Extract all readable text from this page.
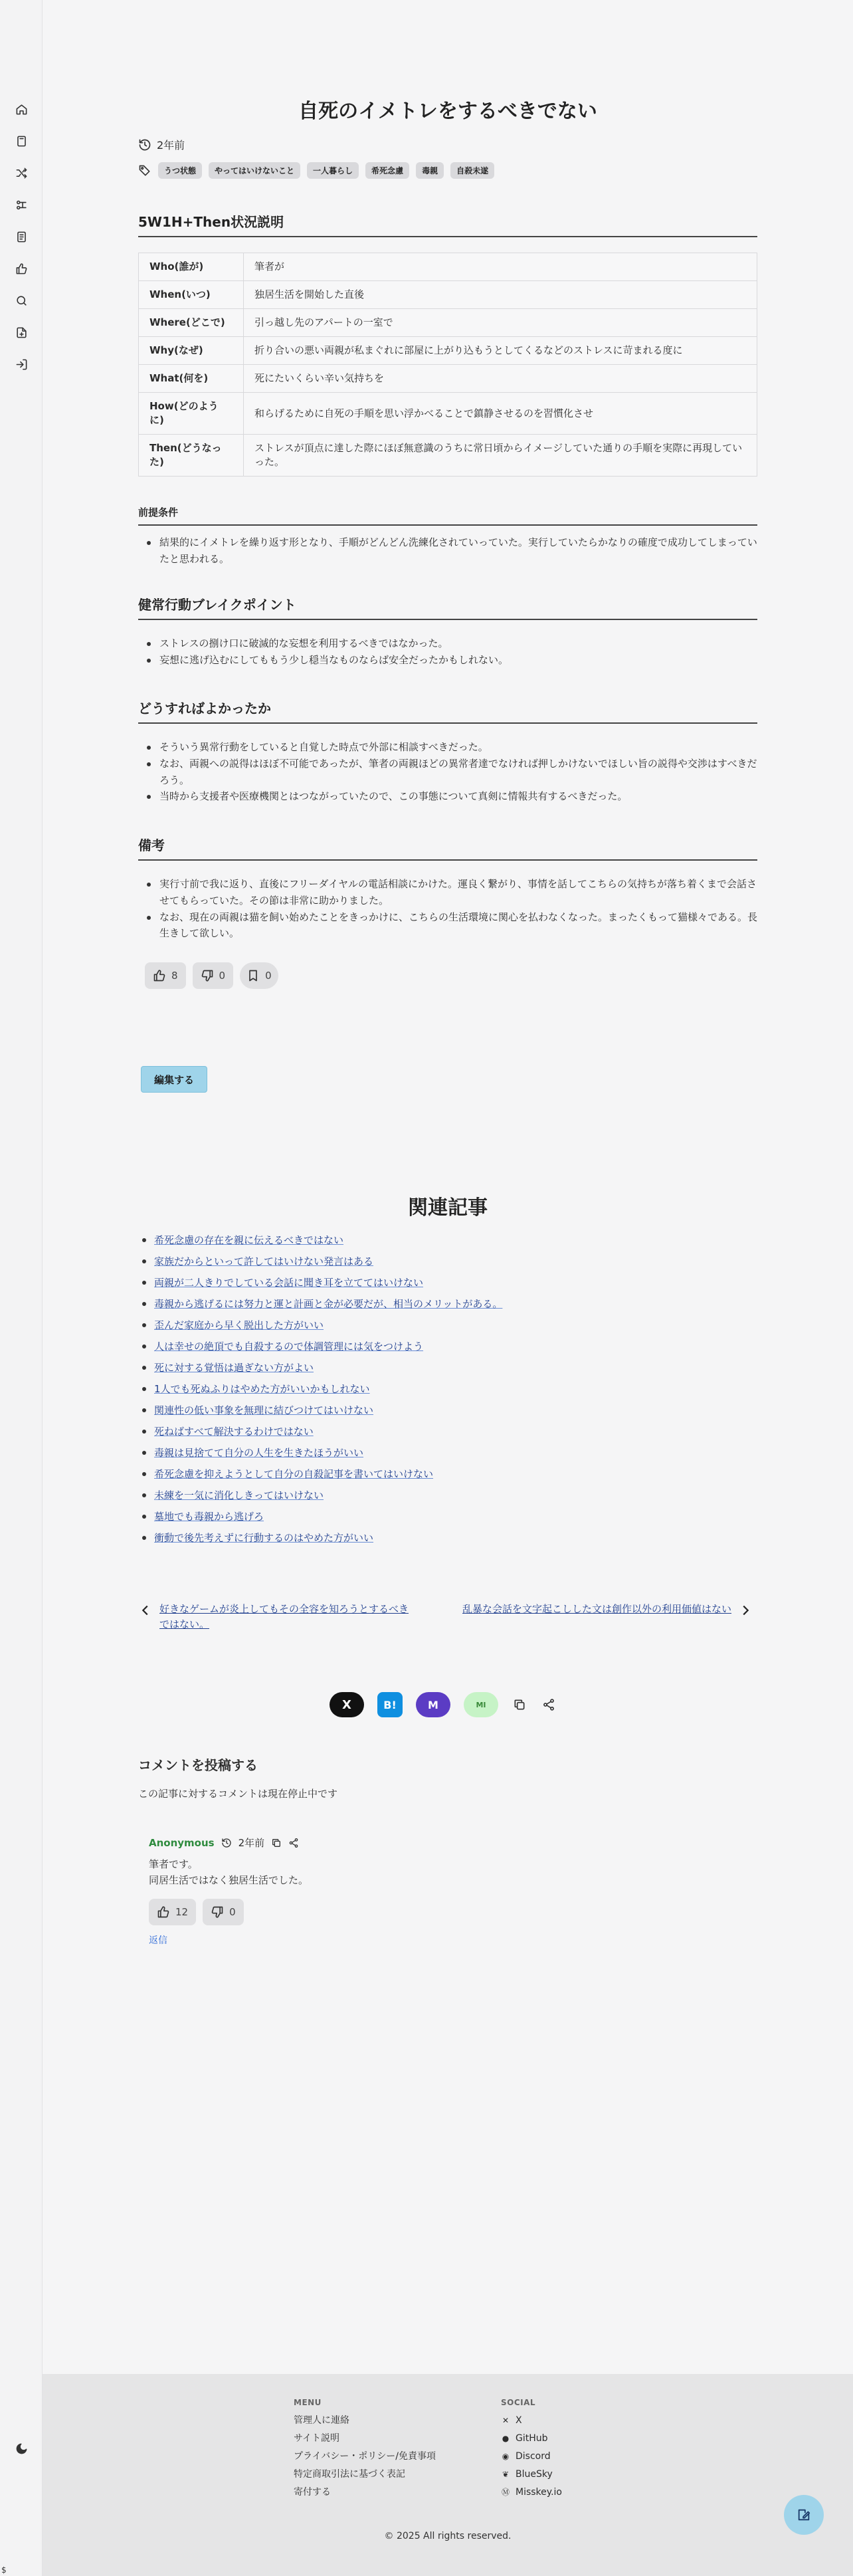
自死のイメトレをするべきでない
2年前
うつ状態	やってはいけないこと	一人暮らし	希死念慮	毒親	自殺未遂
5W1H+Then状況説明
Who(誰が)	筆者が
When(いつ)	独居生活を開始した直後
Where(どこで)	引っ越し先のアパートの一室で
Why(なぜ)	折り合いの悪い両親が私まぐれに部屋に上がり込もうとしてくるなどのストレスに苛まれる度に
What(何を)	死にたいくらい辛い気持ちを
How(どのように)	和らげるために自死の手順を思い浮かべることで鎮静させるのを習慣化させ
Then(どうなった)	ストレスが頂点に達した際にほぼ無意識のうちに常日頃からイメージしていた通りの手順を実際に再現していった。
前提条件
結果的にイメトレを繰り返す形となり、手順がどんどん洗練化されていっていた。実行していたらかなりの確度で成功してしまっていたと思われる。
健常行動ブレイクポイント
ストレスの捌け口に破滅的な妄想を利用するべきではなかった。
妄想に逃げ込むにしてももう少し穏当なものならば安全だったかもしれない。
どうすればよかったか
そういう異常行動をしていると自覚した時点で外部に相談すべきだった。
なお、両親への説得はほぼ不可能であったが、筆者の両親ほどの異常者達でなければ押しかけないでほしい旨の説得や交渉はすべきだろう。
当時から支援者や医療機関とはつながっていたので、この事態について真剣に情報共有するべきだった。
備考
実行寸前で我に返り、直後にフリーダイヤルの電話相談にかけた。運良く繋がり、事情を話してこちらの気持ちが落ち着くまで会話させてもらっていた。その節は非常に助かりました。
なお、現在の両親は猫を飼い始めたことをきっかけに、こちらの生活環境に関心を払わなくなった。まったくもって猫様々である。長生きして欲しい。
8	0	0
編集する
関連記事
希死念慮の存在を親に伝えるべきではない
家族だからといって許してはいけない発言はある
両親が二人きりでしている会話に聞き耳を立ててはいけない
毒親から逃げるには努力と運と計画と金が必要だが、相当のメリットがある。
歪んだ家庭から早く脱出した方がいい
人は幸せの絶頂でも自殺するので体調管理には気をつけよう
死に対する覚悟は過ぎない方がよい
1人でも死ぬふりはやめた方がいいかもしれない
関連性の低い事象を無理に結びつけてはいけない
死ねばすべて解決するわけではない
毒親は見捨てて自分の人生を生きたほうがいい
希死念慮を抑えようとして自分の自殺記事を書いてはいけない
未練を一気に消化しきってはいけない
墓地でも毒親から逃げろ
衝動で後先考えずに行動するのはやめた方がいい
好きなゲームが炎上してもその全容を知ろうとするべきではない。
乱暴な会話を文字起こしした文は創作以外の利用価値はない
X	B!	M	MI
コメントを投稿する
この記事に対するコメントは現在停止中です
Anonymous 2年前
筆者です。
同居生活ではなく独居生活でした。
12	0
返信
MENU
管理人に連絡
サイト説明
プライバシー・ポリシー/免責事項
特定商取引法に基づく表記
寄付する
SOCIAL
✕ X
● GitHub
◉ Discord
❦ BlueSky
Ⓜ Misskey.io
© 2025 All rights reserved.
$
